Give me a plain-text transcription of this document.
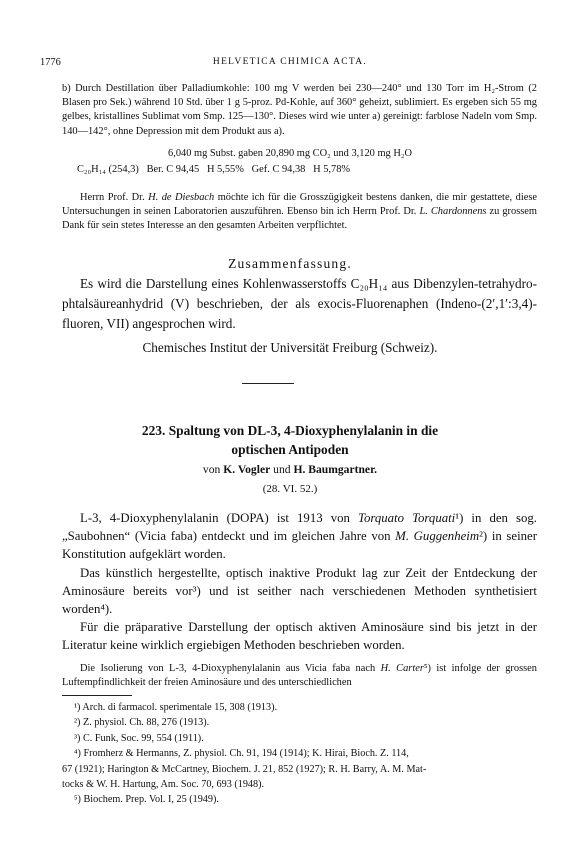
1776	HELVETICA CHIMICA ACTA.
b) Durch Destillation über Palladiumkohle: 100 mg V werden bei 230—240° und 130 Torr im H₂-Strom (2 Blasen pro Sek.) während 10 Std. über 1 g 5-proz. Pd-Kohle, auf 360° geheizt, sublimiert. Es ergeben sich 55 mg gelbes, kristallines Sublimat vom Smp. 125—130°. Dieses wird wie unter a) gereinigt: farblose Nadeln vom Smp. 140—142°, ohne Depression mit dem Produkt aus a).
6,040 mg Subst. gaben 20,890 mg CO₂ und 3,120 mg H₂O
C₂₀H₁₄ (254,3)   Ber. C 94,45   H 5,55%   Gef. C 94,38   H 5,78%
Herrn Prof. Dr. H. de Diesbach möchte ich für die Grosszügigkeit bestens danken, die mir gestattete, diese Untersuchungen in seinen Laboratorien auszuführen. Ebenso bin ich Herrn Prof. Dr. L. Chardonnens zu grossem Dank für sein stetes Interesse an den gesamten Arbeiten verpflichtet.
Zusammenfassung.
Es wird die Darstellung eines Kohlenwasserstoffs C₂₀H₁₄ aus Dibenzylen-tetrahydro-phtalsäureanhydrid (V) beschrieben, der als exocis-Fluorenaphen (Indeno-(2′,1′:3,4)-fluoren, VII) angesprochen wird.
Chemisches Institut der Universität Freiburg (Schweiz).
223. Spaltung von DL-3, 4-Dioxyphenylalanin in die
optischen Antipoden
von K. Vogler und H. Baumgartner.
(28. VI. 52.)

L-3, 4-Dioxyphenylalanin (DOPA) ist 1913 von Torquato Torquati¹) in den sog. „Saubohnen“ (Vicia faba) entdeckt und im gleichen Jahre von M. Guggenheim²) in seiner Konstitution aufgeklärt worden.

Das künstlich hergestellte, optisch inaktive Produkt lag zur Zeit der Entdeckung der Aminosäure bereits vor³) und ist seither nach verschiedenen Methoden synthetisiert worden⁴).

Für die präparative Darstellung der optisch aktiven Aminosäure sind bis jetzt in der Literatur keine wirklich ergiebigen Methoden beschrieben worden.

Die Isolierung von L-3, 4-Dioxyphenylalanin aus Vicia faba nach H. Carter⁵) ist infolge der grossen Luftempfindlichkeit der freien Aminosäure und des unterschiedlichen
¹) Arch. di farmacol. sperimentale 15, 308 (1913).
²) Z. physiol. Ch. 88, 276 (1913).
³) C. Funk, Soc. 99, 554 (1911).
⁴) Fromherz & Hermanns, Z. physiol. Ch. 91, 194 (1914); K. Hirai, Bioch. Z. 114,
67 (1921); Harington & McCartney, Biochem. J. 21, 852 (1927); R. H. Barry, A. M. Mat-
tocks & W. H. Hartung, Am. Soc. 70, 693 (1948).
⁵) Biochem. Prep. Vol. I, 25 (1949).
